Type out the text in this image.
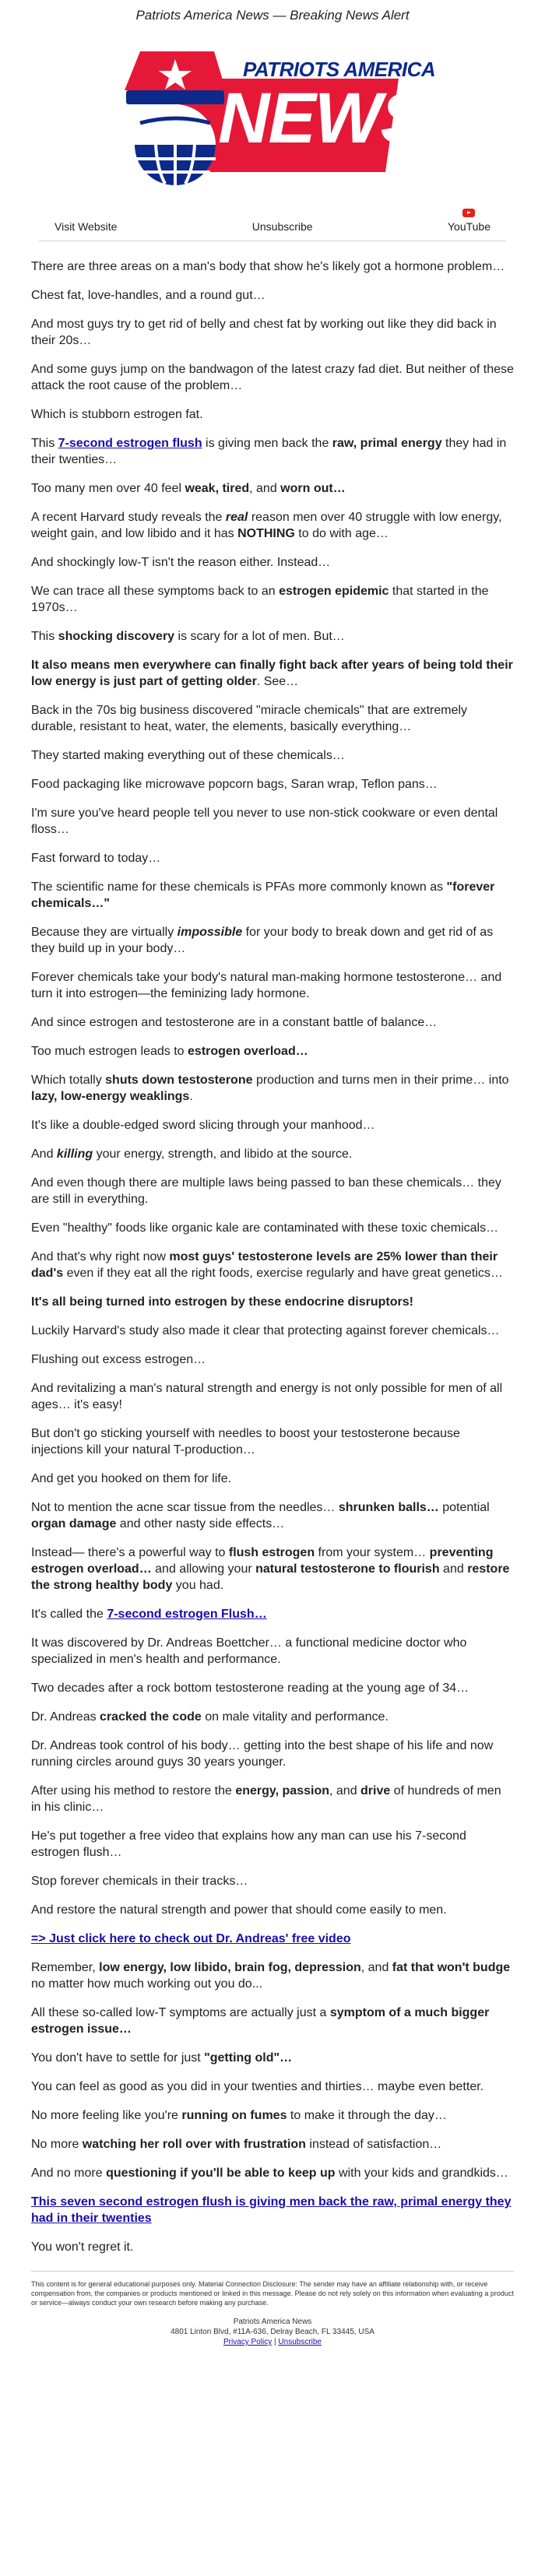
Patriots America News — Breaking News Alert
PATRIOTS AMERICA
NEWS
Visit Website	Unsubscribe	YouTube

There are three areas on a man's body that show he's likely got a hormone problem…

Chest fat, love-handles, and a round gut…

And most guys try to get rid of belly and chest fat by working out like they did back in their 20s…

And some guys jump on the bandwagon of the latest crazy fad diet. But neither of these attack the root cause of the problem…

Which is stubborn estrogen fat.

This 7-second estrogen flush is giving men back the raw, primal energy they had in their twenties…

Too many men over 40 feel weak, tired, and worn out…

A recent Harvard study reveals the real reason men over 40 struggle with low energy, weight gain, and low libido and it has NOTHING to do with age…

And shockingly low-T isn't the reason either. Instead…

We can trace all these symptoms back to an estrogen epidemic that started in the 1970s…

This shocking discovery is scary for a lot of men. But…

It also means men everywhere can finally fight back after years of being told their low energy is just part of getting older. See…

Back in the 70s big business discovered "miracle chemicals" that are extremely durable, resistant to heat, water, the elements, basically everything…

They started making everything out of these chemicals…

Food packaging like microwave popcorn bags, Saran wrap, Teflon pans…

I'm sure you've heard people tell you never to use non-stick cookware or even dental floss…

Fast forward to today…

The scientific name for these chemicals is PFAs more commonly known as "forever chemicals…"

Because they are virtually impossible for your body to break down and get rid of as they build up in your body…

Forever chemicals take your body's natural man-making hormone testosterone… and turn it into estrogen—the feminizing lady hormone.

And since estrogen and testosterone are in a constant battle of balance…

Too much estrogen leads to estrogen overload…

Which totally shuts down testosterone production and turns men in their prime… into lazy, low-energy weaklings.

It's like a double-edged sword slicing through your manhood…

And killing your energy, strength, and libido at the source.

And even though there are multiple laws being passed to ban these chemicals… they are still in everything.

Even "healthy" foods like organic kale are contaminated with these toxic chemicals…

And that's why right now most guys' testosterone levels are 25% lower than their dad's even if they eat all the right foods, exercise regularly and have great genetics…

It's all being turned into estrogen by these endocrine disruptors!

Luckily Harvard's study also made it clear that protecting against forever chemicals…

Flushing out excess estrogen…

And revitalizing a man's natural strength and energy is not only possible for men of all ages… it's easy!

But don't go sticking yourself with needles to boost your testosterone because injections kill your natural T-production…

And get you hooked on them for life.

Not to mention the acne scar tissue from the needles… shrunken balls… potential organ damage and other nasty side effects…

Instead— there's a powerful way to flush estrogen from your system… preventing estrogen overload… and allowing your natural testosterone to flourish and restore the strong healthy body you had.

It's called the 7-second estrogen Flush…

It was discovered by Dr. Andreas Boettcher… a functional medicine doctor who specialized in men's health and performance.

Two decades after a rock bottom testosterone reading at the young age of 34…

Dr. Andreas cracked the code on male vitality and performance.

Dr. Andreas took control of his body… getting into the best shape of his life and now running circles around guys 30 years younger.

After using his method to restore the energy, passion, and drive of hundreds of men in his clinic…

He's put together a free video that explains how any man can use his 7-second estrogen flush…

Stop forever chemicals in their tracks…

And restore the natural strength and power that should come easily to men.

=> Just click here to check out Dr. Andreas' free video

Remember, low energy, low libido, brain fog, depression, and fat that won't budge no matter how much working out you do...

All these so-called low-T symptoms are actually just a symptom of a much bigger estrogen issue…

You don't have to settle for just "getting old"…

You can feel as good as you did in your twenties and thirties… maybe even better.

No more feeling like you're running on fumes to make it through the day…

No more watching her roll over with frustration instead of satisfaction…

And no more questioning if you'll be able to keep up with your kids and grandkids…

This seven second estrogen flush is giving men back the raw, primal energy they had in their twenties

You won't regret it.

This content is for general educational purposes only. Material Connection Disclosure: The sender may have an affiliate relationship with, or receive compensation from, the companies or products mentioned or linked in this message. Please do not rely solely on this information when evaluating a product or service—always conduct your own research before making any purchase.
Patriots America News
4801 Linton Blvd, #11A-636, Delray Beach, FL 33445, USA
Privacy Policy | Unsubscribe
